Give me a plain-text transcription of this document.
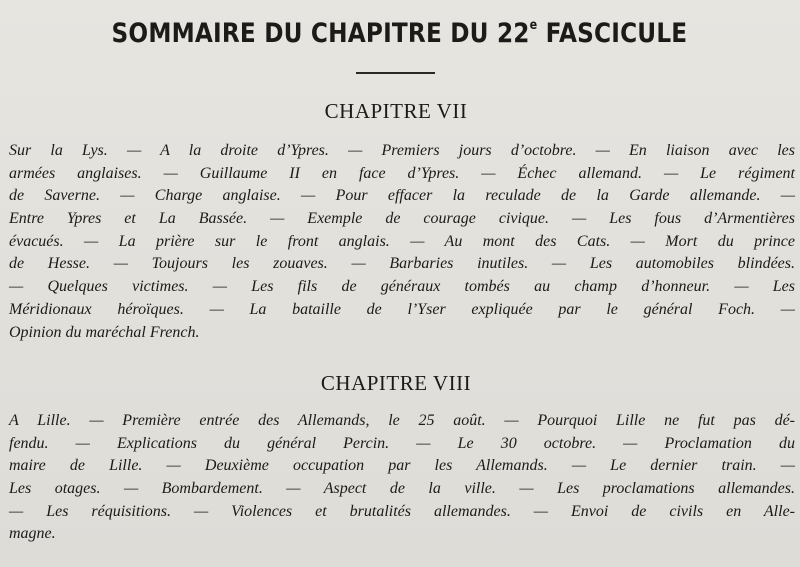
SOMMAIRE DU CHAPITRE DU 22e FASCICULE
CHAPITRE VII
Sur la Lys. — A la droite d’Ypres. — Premiers jours d’octobre. — En liaison avec les
armées anglaises. — Guillaume II en face d’Ypres. — Échec allemand. — Le régiment
de Saverne. — Charge anglaise. — Pour effacer la reculade de la Garde allemande. —
Entre Ypres et La Bassée. — Exemple de courage civique. — Les fous d’Armentières
évacués. — La prière sur le front anglais. — Au mont des Cats. — Mort du prince
de Hesse. — Toujours les zouaves. — Barbaries inutiles. — Les automobiles blindées.
— Quelques victimes. — Les fils de généraux tombés au champ d’honneur. — Les
Méridionaux héroïques. — La bataille de l’Yser expliquée par le général Foch. —
Opinion du maréchal French.
CHAPITRE VIII
A Lille. — Première entrée des Allemands, le 25 août. — Pourquoi Lille ne fut pas dé-
fendu. — Explications du général Percin. — Le 30 octobre. — Proclamation du
maire de Lille. — Deuxième occupation par les Allemands. — Le dernier train. —
Les otages. — Bombardement. — Aspect de la ville. — Les proclamations allemandes.
— Les réquisitions. — Violences et brutalités allemandes. — Envoi de civils en Alle-
magne.
